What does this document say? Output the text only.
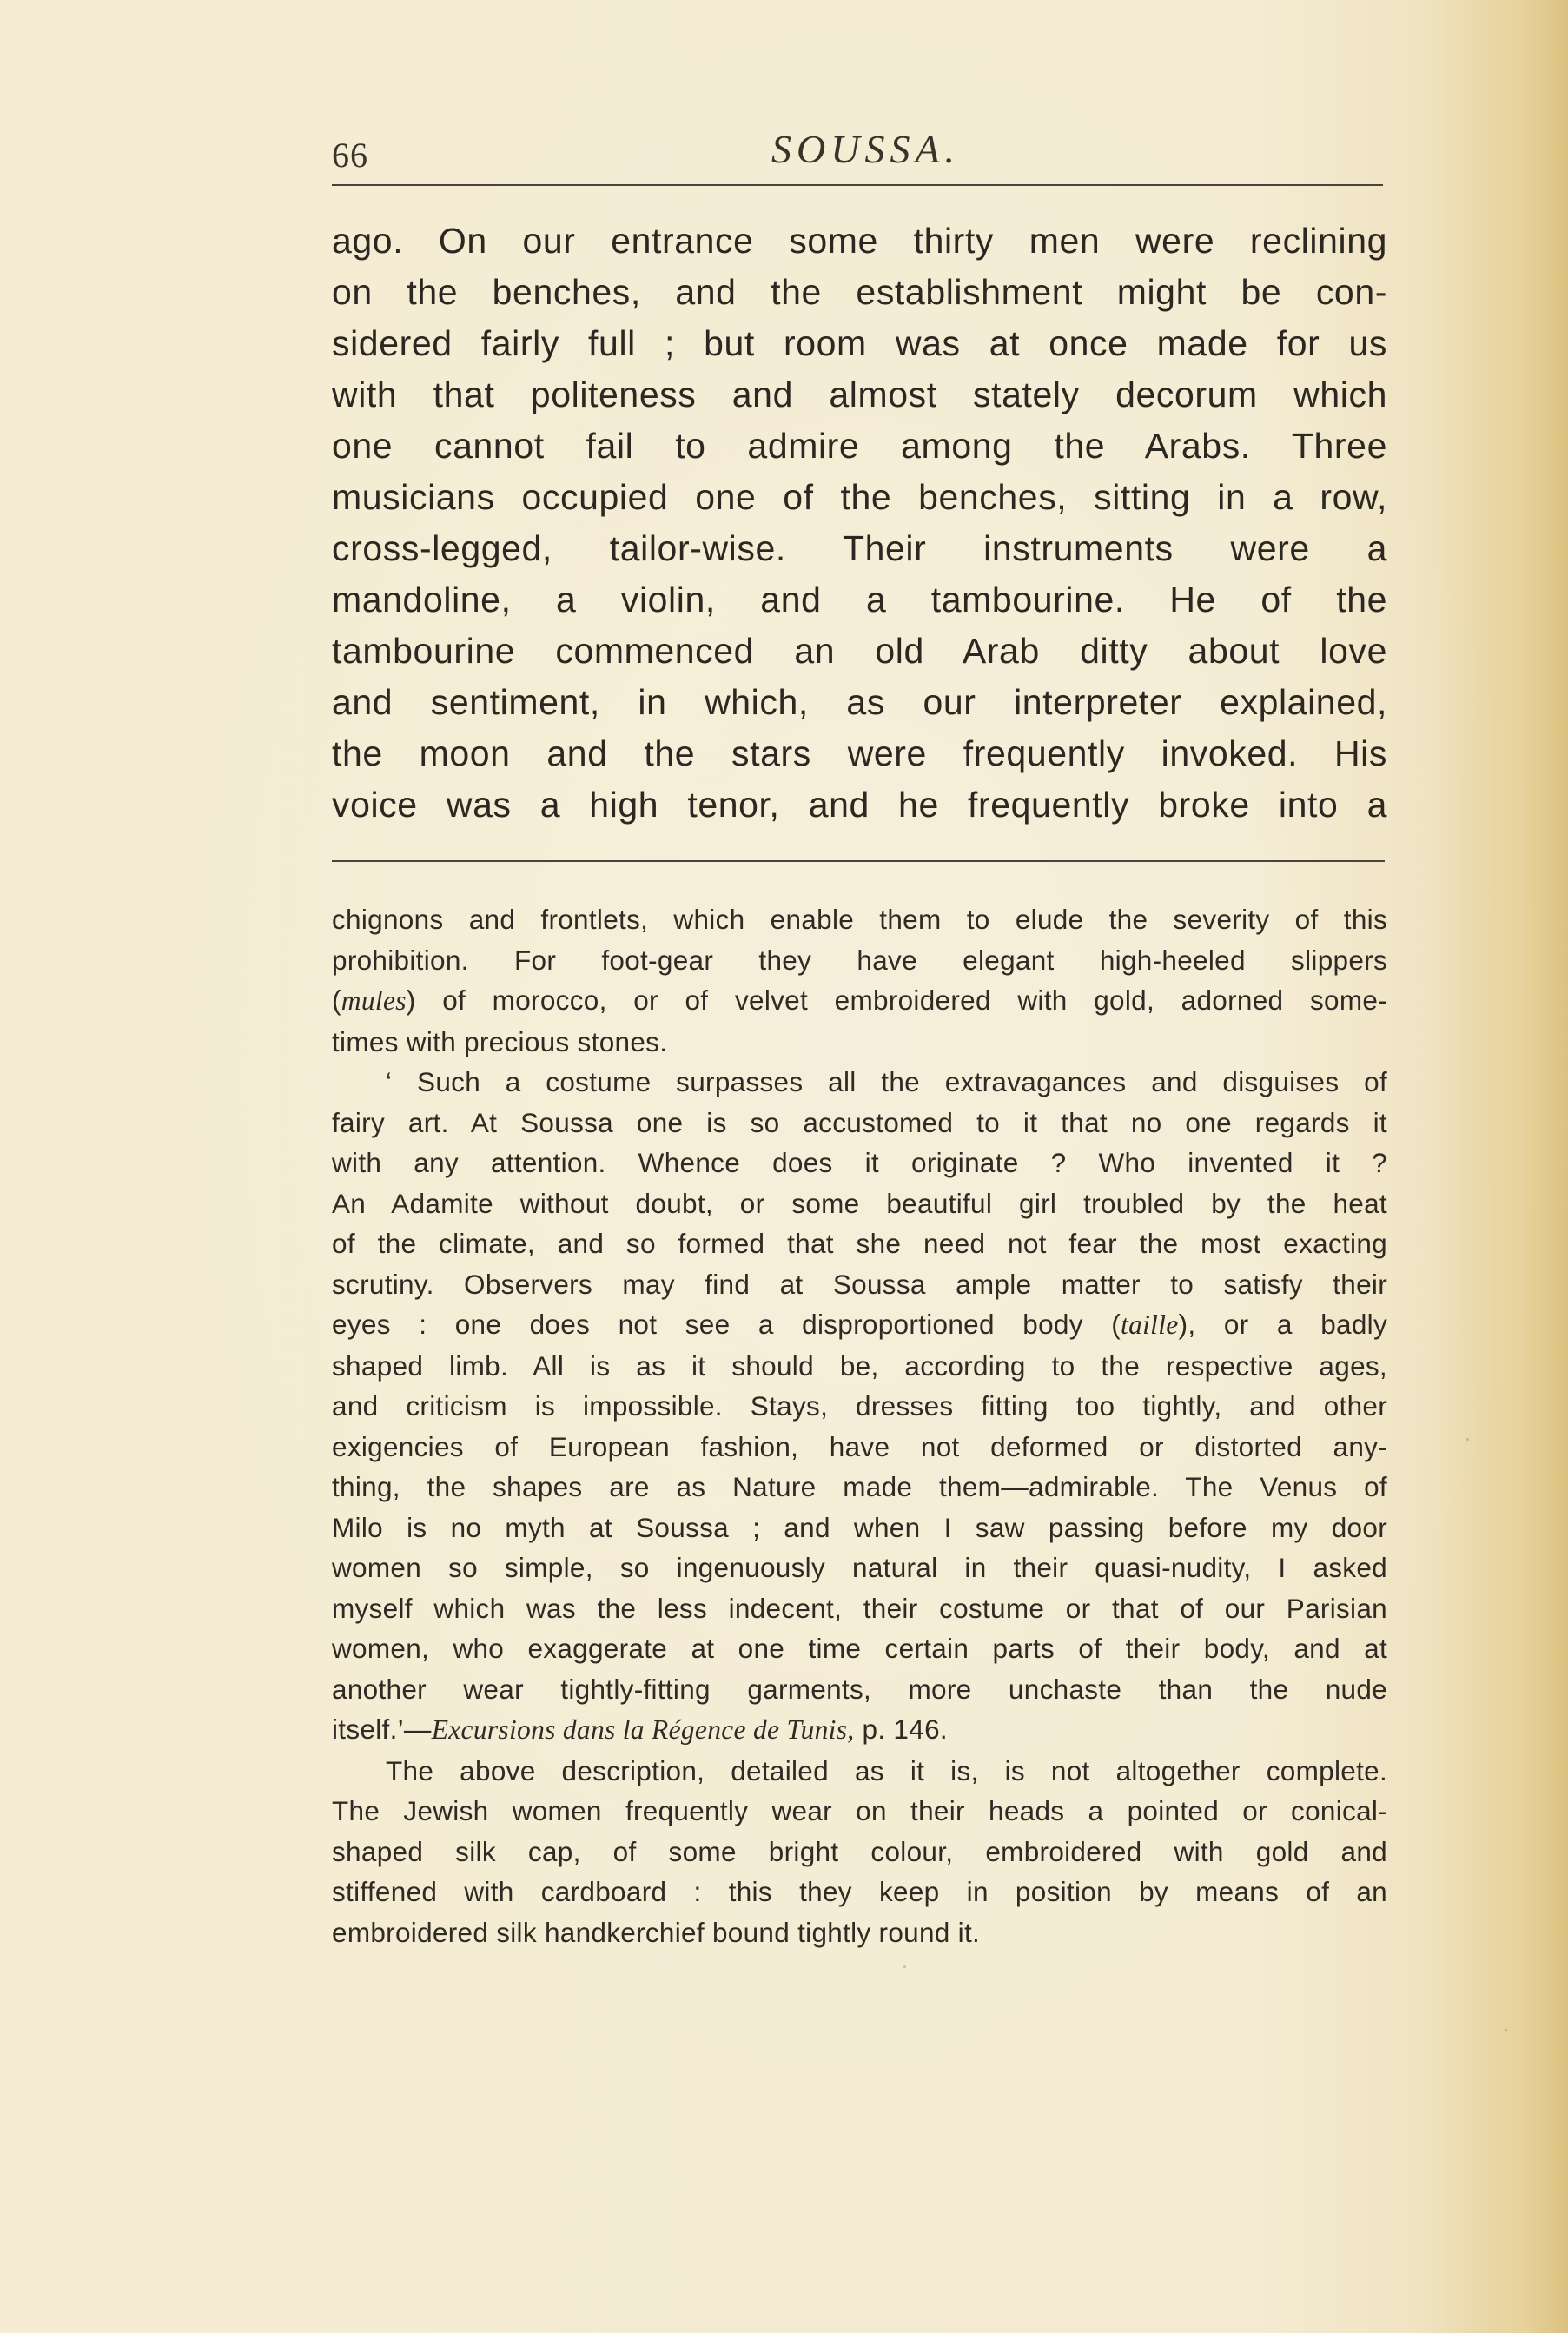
66	SOUSSA.
ago. On our entrance some thirty men were reclining
on the benches, and the establishment might be con-
sidered fairly full ; but room was at once made for us
with that politeness and almost stately decorum which
one cannot fail to admire among the Arabs. Three
musicians occupied one of the benches, sitting in a row,
cross-legged, tailor-wise. Their instruments were a
mandoline, a violin, and a tambourine. He of the
tambourine commenced an old Arab ditty about love
and sentiment, in which, as our interpreter explained,
the moon and the stars were frequently invoked. His
voice was a high tenor, and he frequently broke into a
chignons and frontlets, which enable them to elude the severity of this
prohibition. For foot-gear they have elegant high-heeled slippers
(mules) of morocco, or of velvet embroidered with gold, adorned some-
times with precious stones.
‘ Such a costume surpasses all the extravagances and disguises of
fairy art. At Soussa one is so accustomed to it that no one regards it
with any attention. Whence does it originate ? Who invented it ?
An Adamite without doubt, or some beautiful girl troubled by the heat
of the climate, and so formed that she need not fear the most exacting
scrutiny. Observers may find at Soussa ample matter to satisfy their
eyes : one does not see a disproportioned body (taille), or a badly
shaped limb. All is as it should be, according to the respective ages,
and criticism is impossible. Stays, dresses fitting too tightly, and other
exigencies of European fashion, have not deformed or distorted any-
thing, the shapes are as Nature made them—admirable. The Venus of
Milo is no myth at Soussa ; and when I saw passing before my door
women so simple, so ingenuously natural in their quasi-nudity, I asked
myself which was the less indecent, their costume or that of our Parisian
women, who exaggerate at one time certain parts of their body, and at
another wear tightly-fitting garments, more unchaste than the nude
itself.’—Excursions dans la Régence de Tunis, p. 146.
The above description, detailed as it is, is not altogether complete.
The Jewish women frequently wear on their heads a pointed or conical-
shaped silk cap, of some bright colour, embroidered with gold and
stiffened with cardboard : this they keep in position by means of an
embroidered silk handkerchief bound tightly round it.
